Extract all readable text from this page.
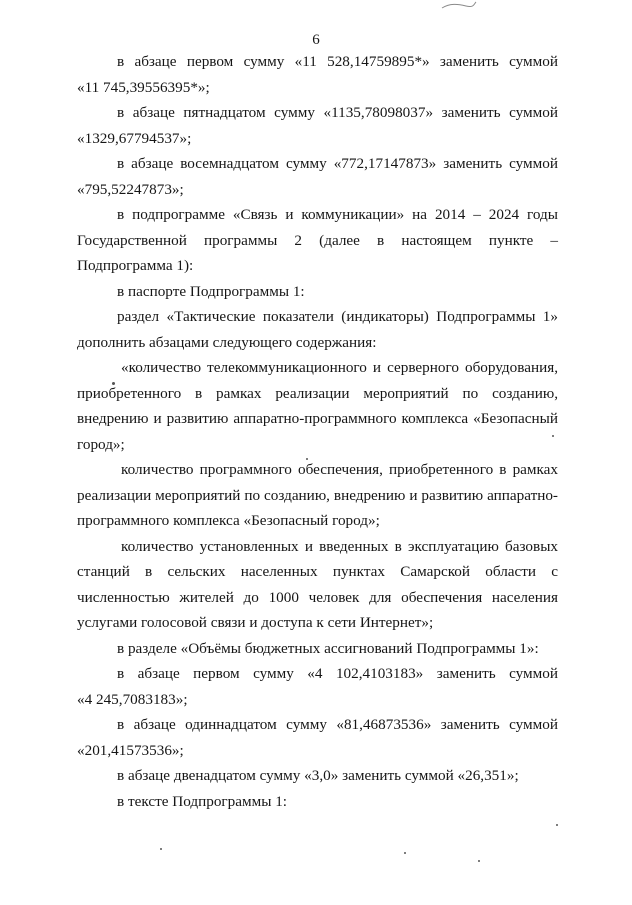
6
в абзаце первом сумму «11 528,14759895*» заменить суммой
«11 745,39556395*»;
в абзаце пятнадцатом сумму «1135,78098037» заменить суммой
«1329,67794537»;
в абзаце восемнадцатом сумму «772,17147873» заменить суммой
«795,52247873»;
в подпрограмме «Связь и коммуникации» на 2014 – 2024 годы
Государственной программы 2 (далее в настоящем пункте –
Подпрограмма 1):
в паспорте Подпрограммы 1:
раздел «Тактические показатели (индикаторы) Подпрограммы 1»
дополнить абзацами следующего содержания:
«количество телекоммуникационного и серверного оборудования,
приобретенного в рамках реализации мероприятий по созданию,
внедрению и развитию аппаратно-программного комплекса «Безопасный
город»;
количество программного обеспечения, приобретенного в рамках
реализации мероприятий по созданию, внедрению и развитию аппаратно-
программного комплекса «Безопасный город»;
количество установленных и введенных в эксплуатацию базовых
станций в сельских населенных пунктах Самарской области с
численностью жителей до 1000 человек для обеспечения населения
услугами голосовой связи и доступа к сети Интернет»;
в разделе «Объёмы бюджетных ассигнований Подпрограммы 1»:
в абзаце первом сумму «4 102,4103183» заменить суммой
«4 245,7083183»;
в абзаце одиннадцатом сумму «81,46873536» заменить суммой
«201,41573536»;
в абзаце двенадцатом сумму «3,0» заменить суммой «26,351»;
в тексте Подпрограммы 1:
